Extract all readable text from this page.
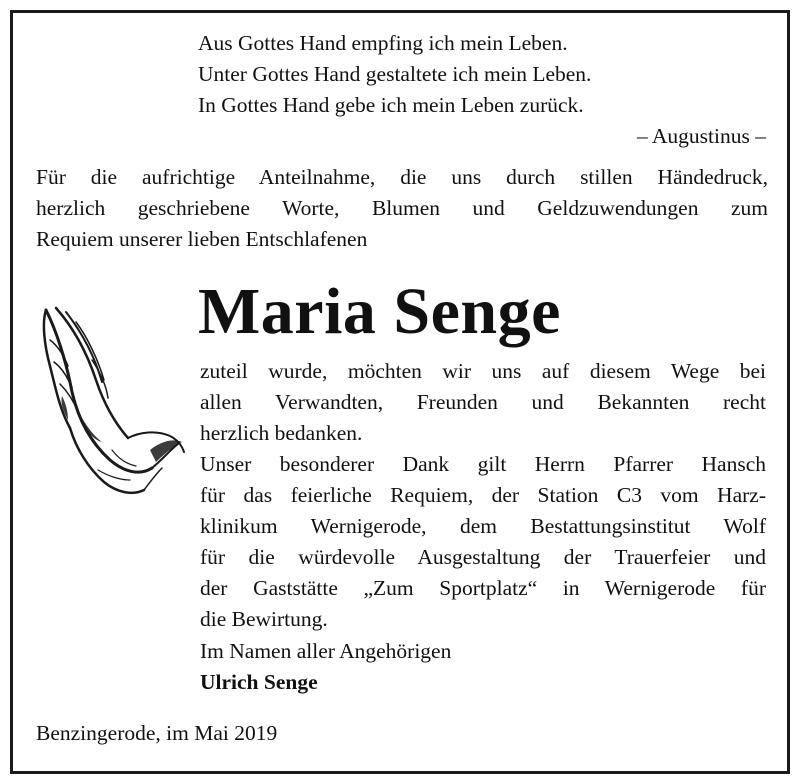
Aus Gottes Hand empfing ich mein Leben.
Unter Gottes Hand gestaltete ich mein Leben.
In Gottes Hand gebe ich mein Leben zurück.
– Augustinus –
Für die aufrichtige Anteilnahme, die uns durch stillen Händedruck,
herzlich geschriebene Worte, Blumen und Geldzuwendungen zum
Requiem unserer lieben Entschlafenen
Maria Senge
zuteil wurde, möchten wir uns auf diesem Wege bei
allen Verwandten, Freunden und Bekannten recht
herzlich bedanken.
Unser besonderer Dank gilt Herrn Pfarrer Hansch
für das feierliche Requiem, der Station C3 vom Harz-
klinikum Wernigerode, dem Bestattungsinstitut Wolf
für die würdevolle Ausgestaltung der Trauerfeier und
der Gaststätte „Zum Sportplatz“ in Wernigerode für
die Bewirtung.
Im Namen aller Angehörigen
Ulrich Senge
Benzingerode, im Mai 2019
